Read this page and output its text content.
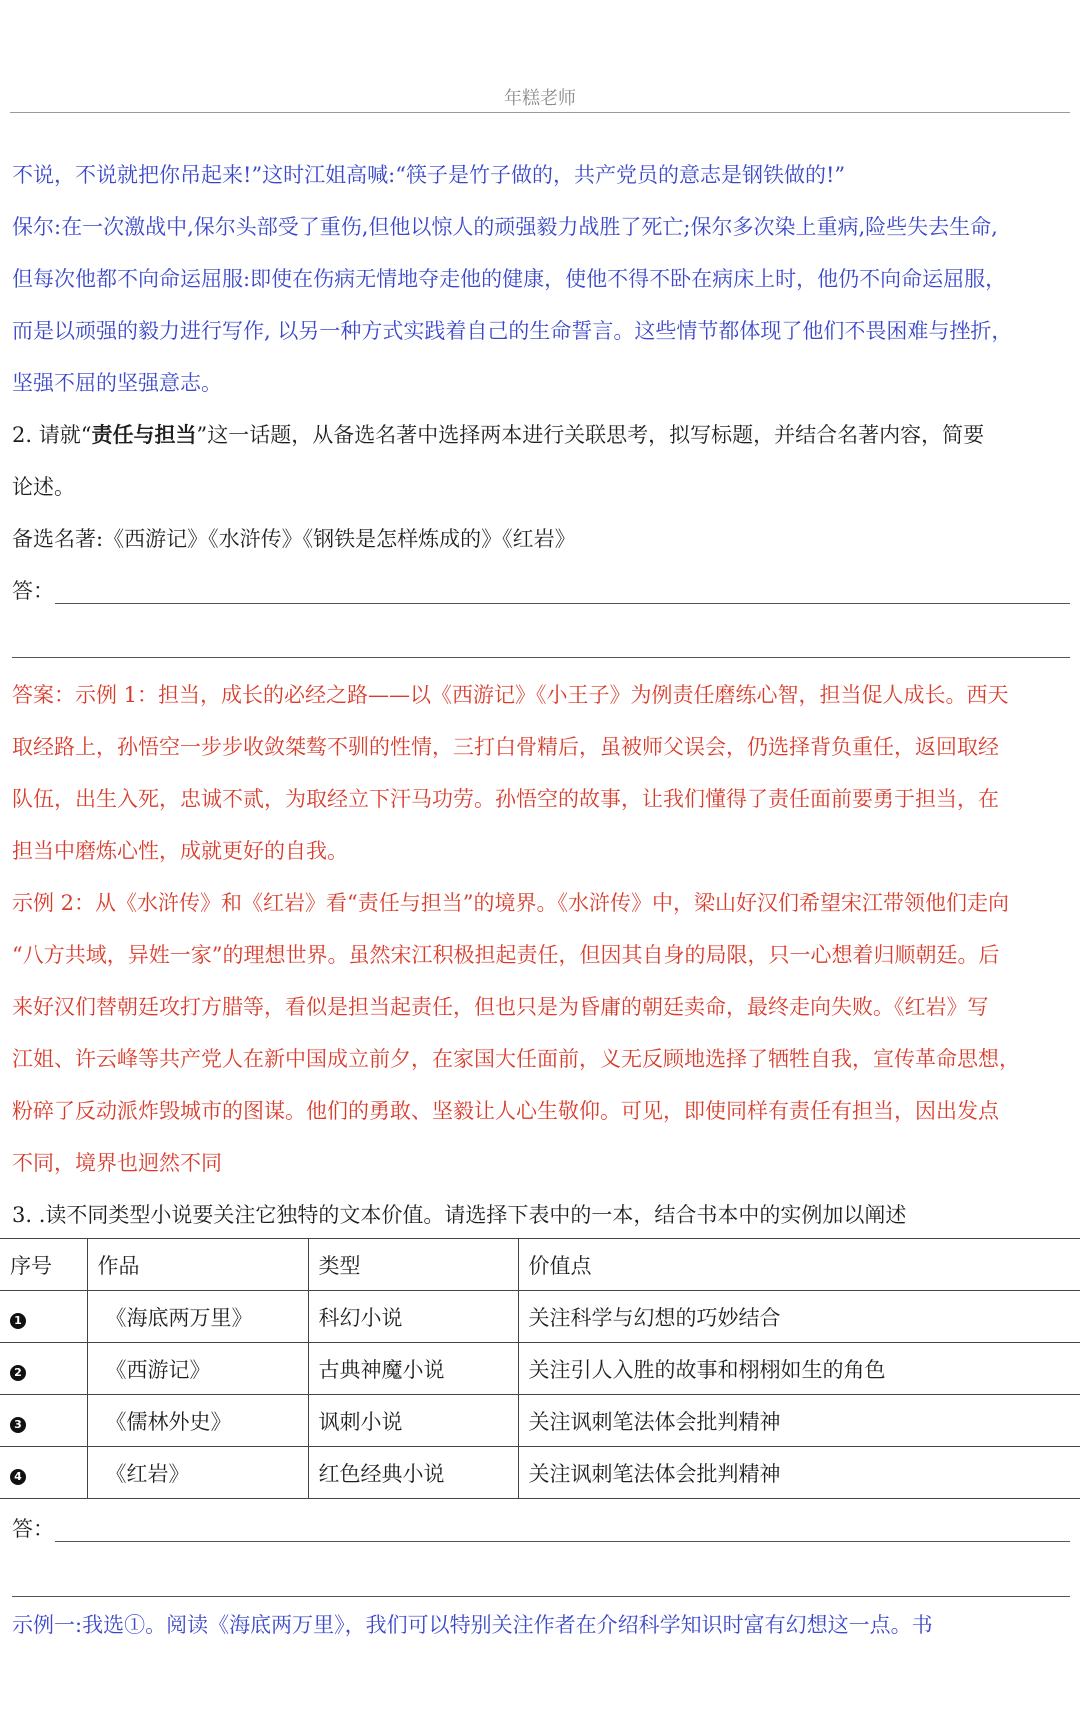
年糕老师
不说，不说就把你吊起来!”这时江姐高喊:“筷子是竹子做的，共产党员的意志是钢铁做的!”
保尔:在一次激战中,保尔头部受了重伤,但他以惊人的顽强毅力战胜了死亡;保尔多次染上重病,险些失去生命,
但每次他都不向命运屈服:即使在伤病无情地夺走他的健康，使他不得不卧在病床上时，他仍不向命运屈服，
而是以顽强的毅力进行写作, 以另一种方式实践着自己的生命誓言。这些情节都体现了他们不畏困难与挫折，
坚强不屈的坚强意志。
2. 请就“责任与担当”这一话题，从备选名著中选择两本进行关联思考，拟写标题，并结合名著内容，简要
论述。
备选名著:《西游记》《水浒传》《钢铁是怎样炼成的》《红岩》
答：
答案：示例 1：担当，成长的必经之路——以《西游记》《小王子》为例责任磨练心智，担当促人成长。西天
取经路上，孙悟空一步步收敛桀骜不驯的性情，三打白骨精后，虽被师父误会，仍选择背负重任，返回取经
队伍，出生入死，忠诚不贰，为取经立下汗马功劳。孙悟空的故事，让我们懂得了责任面前要勇于担当，在
担当中磨炼心性，成就更好的自我。
示例 2：从《水浒传》和《红岩》看“责任与担当”的境界。《水浒传》中，梁山好汉们希望宋江带领他们走向
“八方共域，异姓一家”的理想世界。虽然宋江积极担起责任，但因其自身的局限，只一心想着归顺朝廷。后
来好汉们替朝廷攻打方腊等，看似是担当起责任，但也只是为昏庸的朝廷卖命，最终走向失败。《红岩》写
江姐、许云峰等共产党人在新中国成立前夕，在家国大任面前，义无反顾地选择了牺牲自我，宣传革命思想，
粉碎了反动派炸毁城市的图谋。他们的勇敢、坚毅让人心生敬仰。可见，即使同样有责任有担当，因出发点
不同，境界也迥然不同
3. .读不同类型小说要关注它独特的文本价值。请选择下表中的一本，结合书本中的实例加以阐述
序号	作品	类型	价值点
1	《海底两万里》	科幻小说	关注科学与幻想的巧妙结合
2	《西游记》	古典神魔小说	关注引人入胜的故事和栩栩如生的角色
3	《儒林外史》	讽刺小说	关注讽刺笔法体会批判精神
4	《红岩》	红色经典小说	关注讽刺笔法体会批判精神
答：
示例一:我选①。阅读《海底两万里》，我们可以特别关注作者在介绍科学知识时富有幻想这一点。书
